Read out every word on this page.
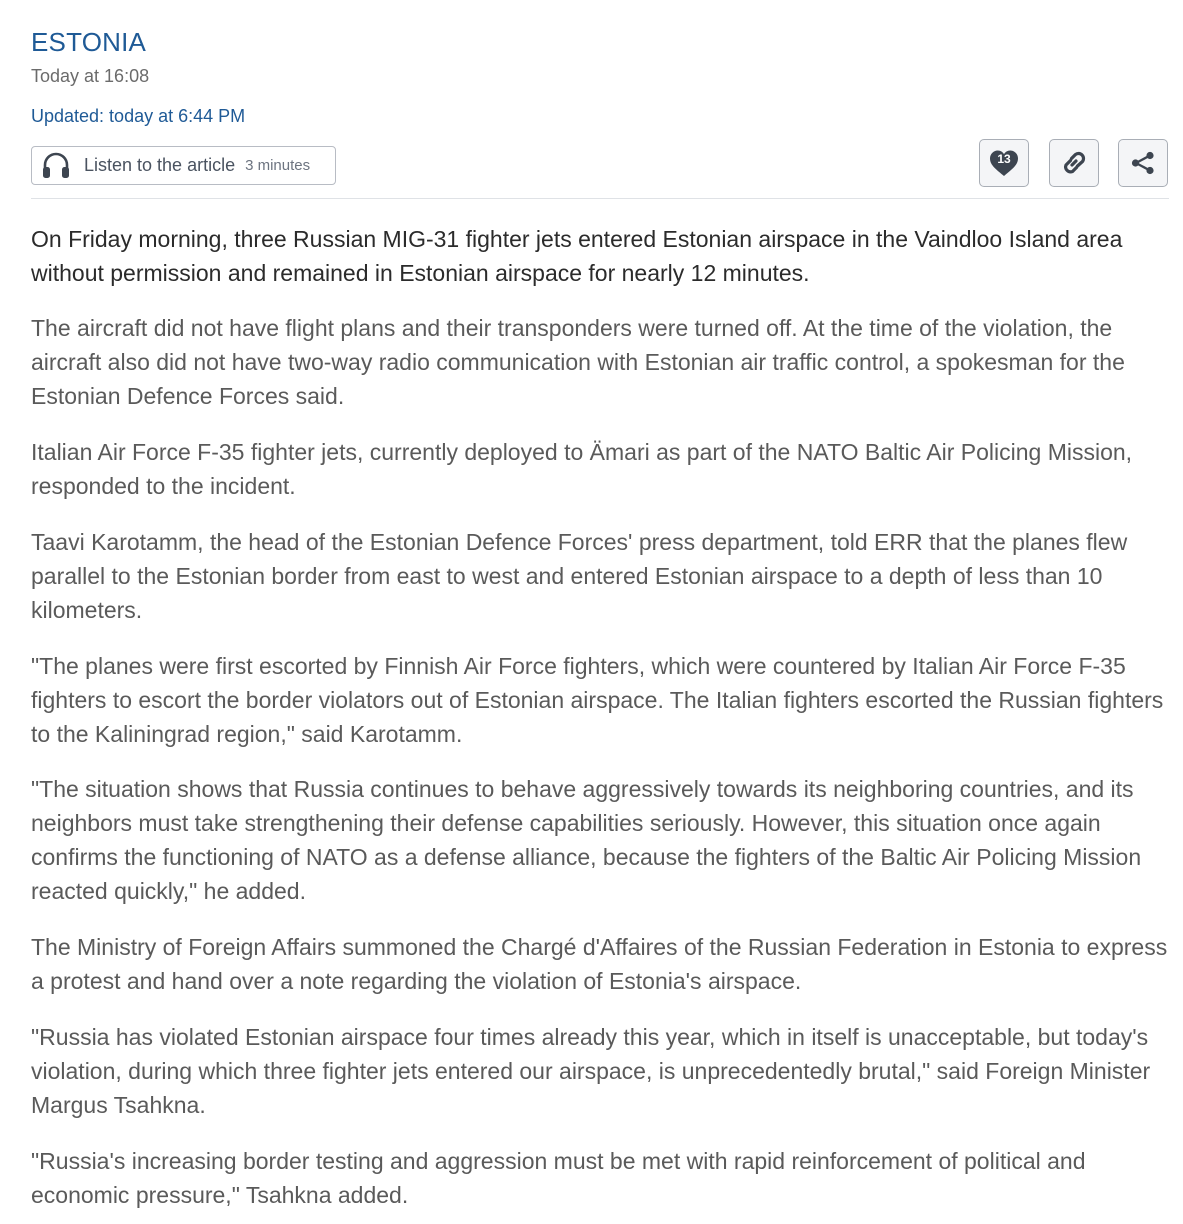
ESTONIA
Today at 16:08
Updated: today at 6:44 PM
Listen to the article 3 minutes	13

On Friday morning, three Russian MIG-31 fighter jets entered Estonian airspace in the Vaindloo Island area without permission and remained in Estonian airspace for nearly 12 minutes.

The aircraft did not have flight plans and their transponders were turned off. At the time of the violation, the aircraft also did not have two-way radio communication with Estonian air traffic control, a spokesman for the Estonian Defence Forces said.

Italian Air Force F-35 fighter jets, currently deployed to Ämari as part of the NATO Baltic Air Policing Mission, responded to the incident.

Taavi Karotamm, the head of the Estonian Defence Forces' press department, told ERR that the planes flew parallel to the Estonian border from east to west and entered Estonian airspace to a depth of less than 10 kilometers.

"The planes were first escorted by Finnish Air Force fighters, which were countered by Italian Air Force F-35 fighters to escort the border violators out of Estonian airspace. The Italian fighters escorted the Russian fighters to the Kaliningrad region," said Karotamm.

"The situation shows that Russia continues to behave aggressively towards its neighboring countries, and its neighbors must take strengthening their defense capabilities seriously. However, this situation once again confirms the functioning of NATO as a defense alliance, because the fighters of the Baltic Air Policing Mission reacted quickly," he added.

The Ministry of Foreign Affairs summoned the Chargé d'Affaires of the Russian Federation in Estonia to express a protest and hand over a note regarding the violation of Estonia's airspace.

"Russia has violated Estonian airspace four times already this year, which in itself is unacceptable, but today's violation, during which three fighter jets entered our airspace, is unprecedentedly brutal," said Foreign Minister Margus Tsahkna.

"Russia's increasing border testing and aggression must be met with rapid reinforcement of political and economic pressure," Tsahkna added.
